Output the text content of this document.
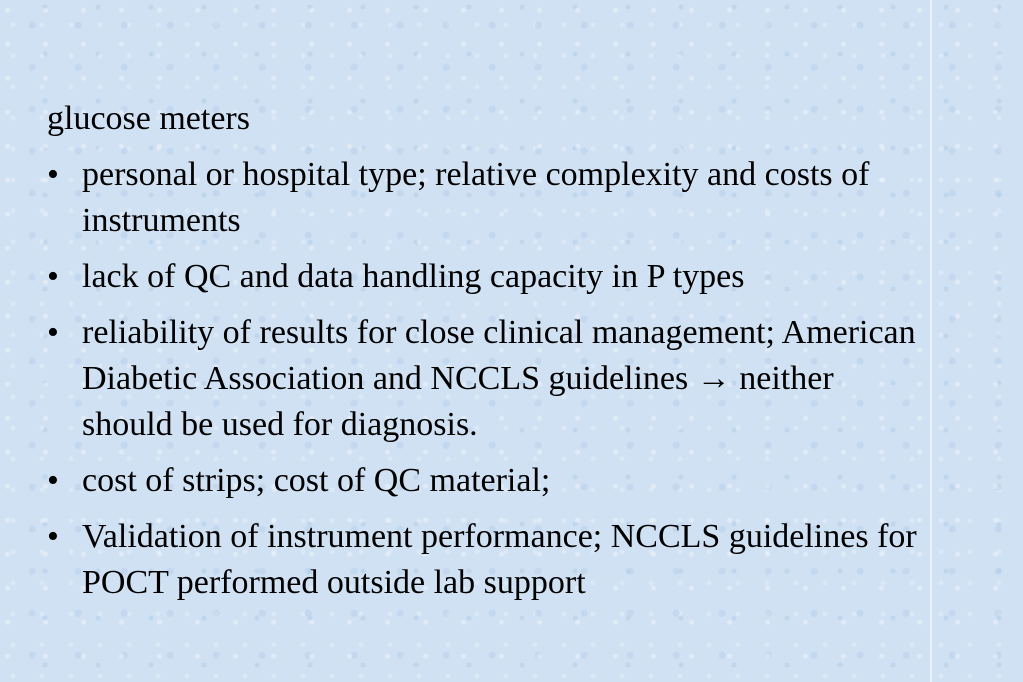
glucose meters
• personal or hospital type; relative complexity and costs of instruments
• lack of QC and data handling capacity in P types
• reliability of results for close clinical management; American Diabetic Association and NCCLS guidelines → neither should be used for diagnosis.
• cost of strips; cost of QC material;
• Validation of instrument performance; NCCLS guidelines for POCT performed outside lab support
